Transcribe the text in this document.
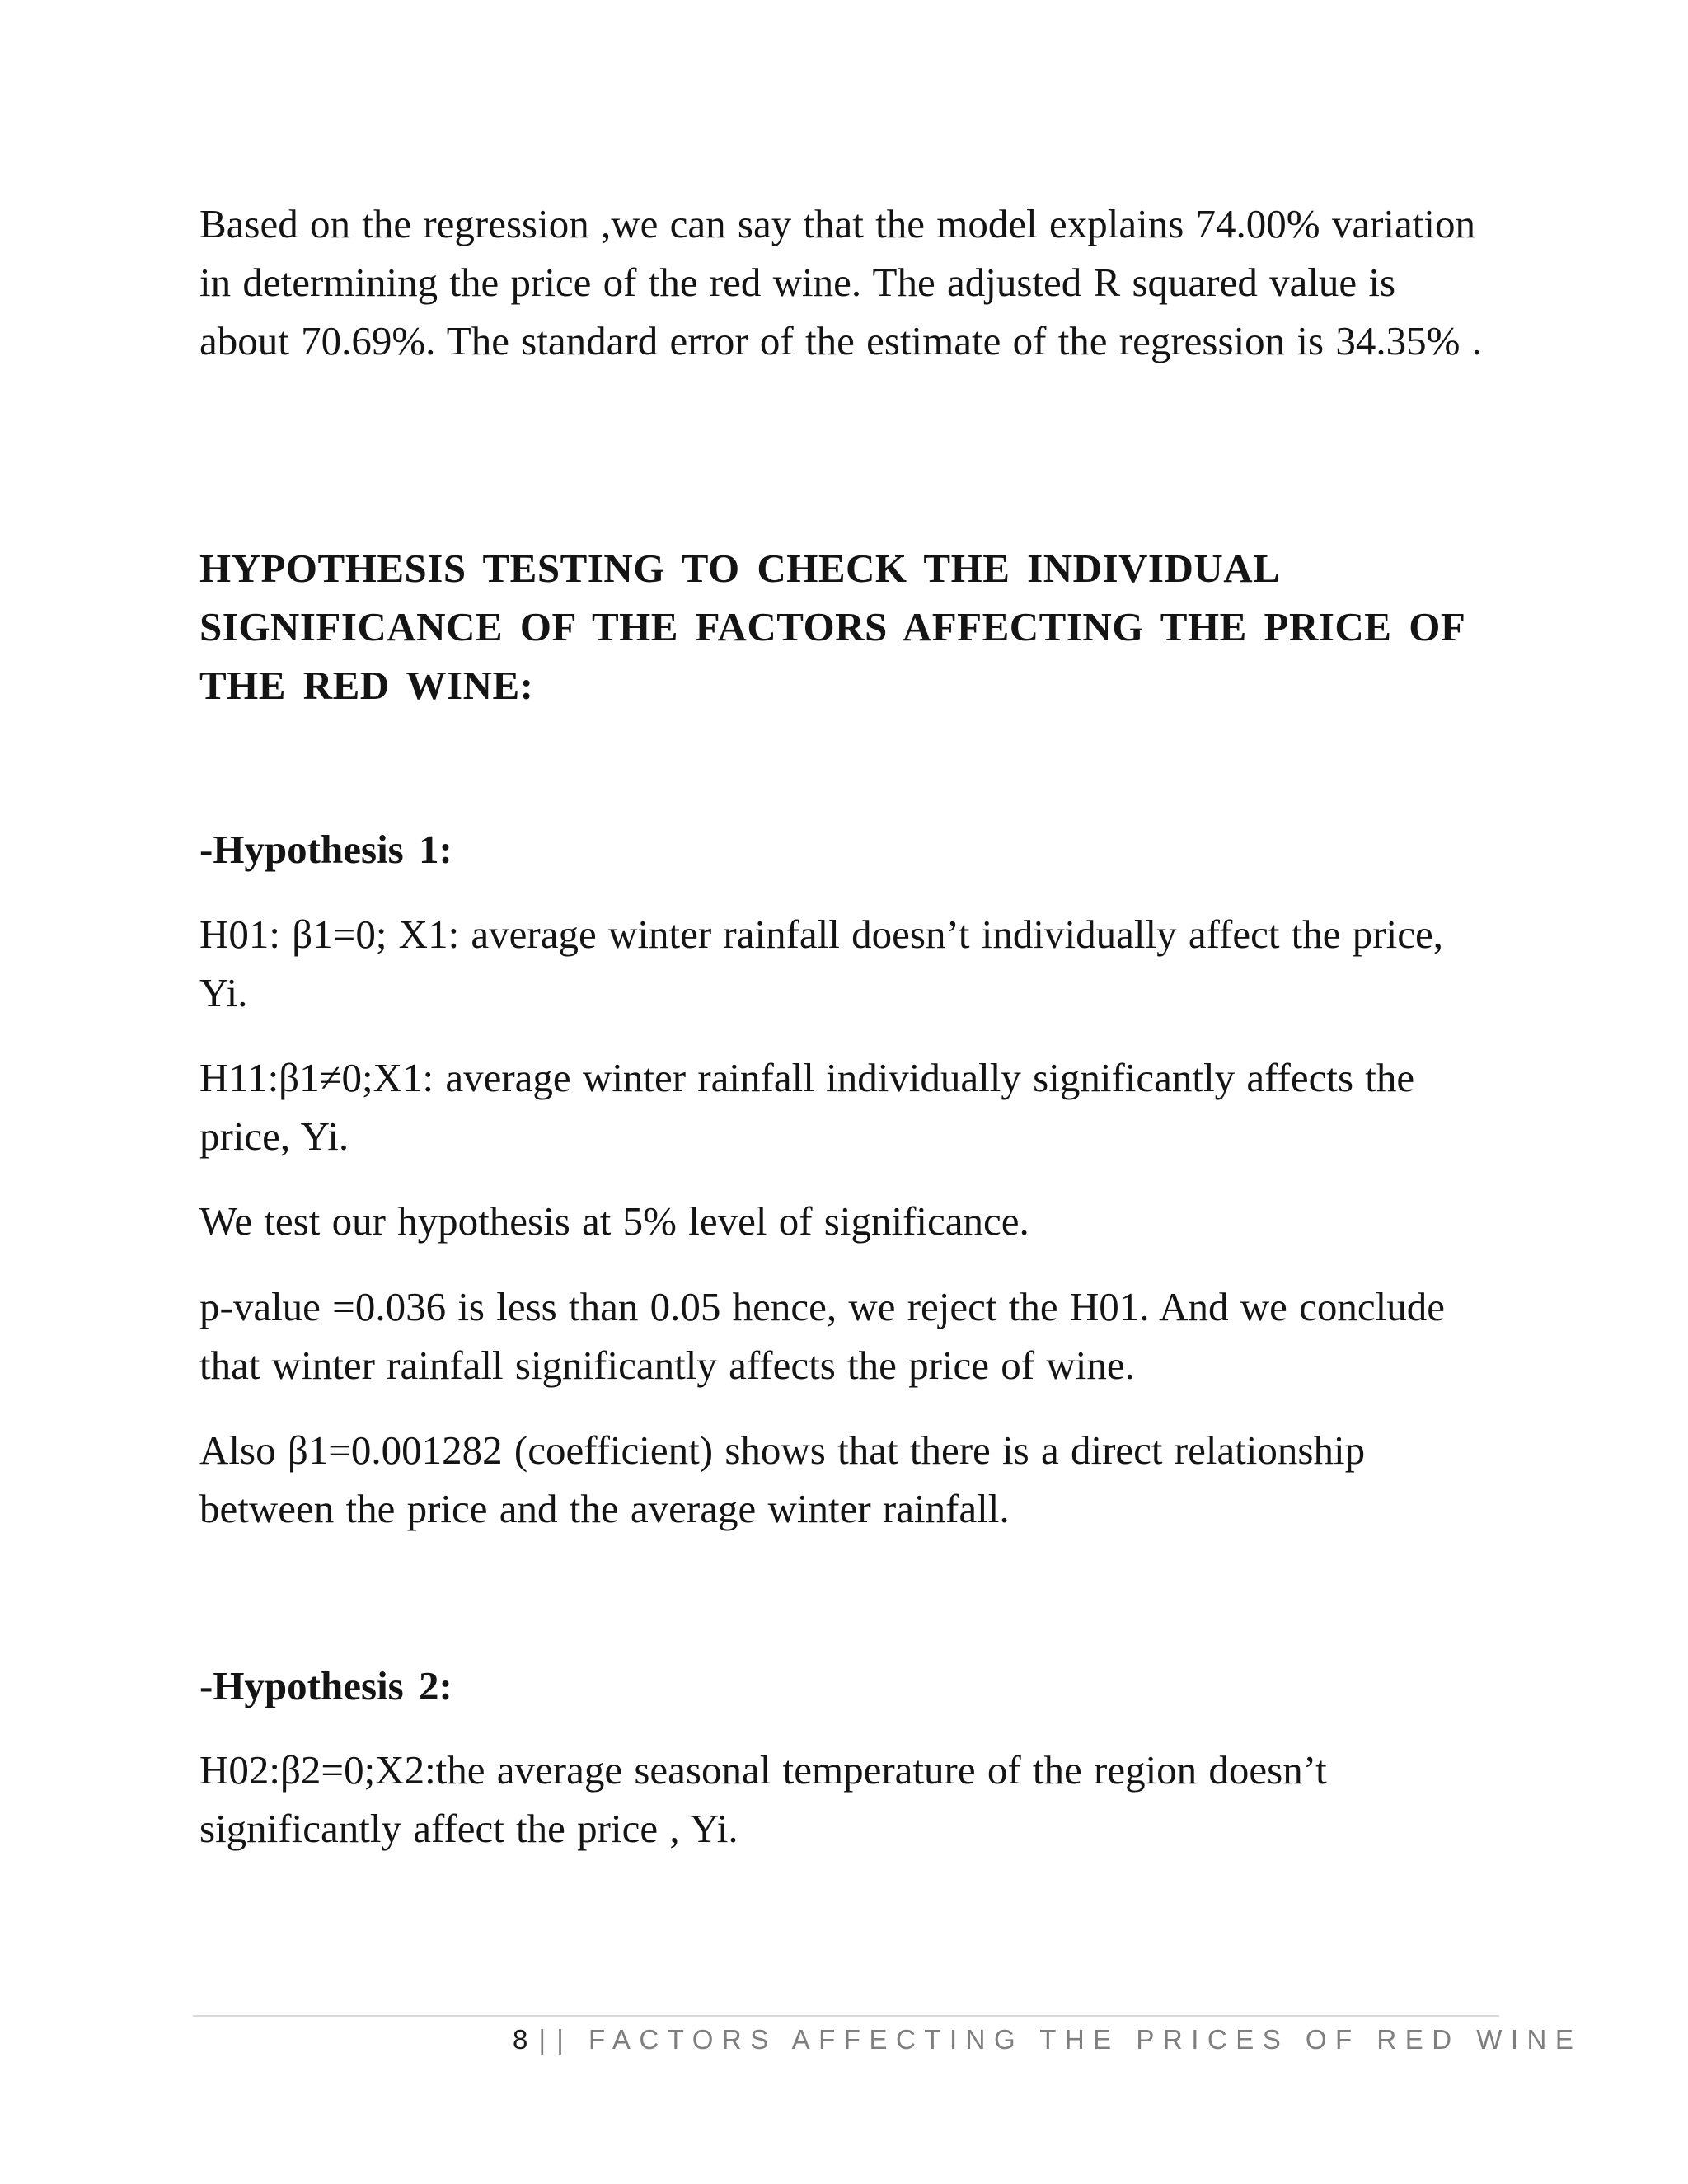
Based on the regression ,we can say that the model explains 74.00% variation in determining the price of the red wine. The adjusted R squared value is about 70.69%. The standard error of the estimate of the regression is 34.35% .

HYPOTHESIS TESTING TO CHECK THE INDIVIDUAL SIGNIFICANCE OF THE FACTORS AFFECTING THE PRICE OF THE RED WINE:

-Hypothesis 1:

H01: β1=0; X1: average winter rainfall doesn’t individually affect the price, Yi.

H11:β1≠0;X1: average winter rainfall individually significantly affects the price, Yi.

We test our hypothesis at 5% level of significance.

p-value =0.036 is less than 0.05 hence, we reject the H01. And we conclude that winter rainfall significantly affects the price of wine.

Also β1=0.001282 (coefficient) shows that there is a direct relationship between the price and the average winter rainfall.

-Hypothesis 2:

H02:β2=0;X2:the average seasonal temperature of the region doesn’t significantly affect the price , Yi.

8 | | FACTORS AFFECTING THE PRICES OF RED WINE
